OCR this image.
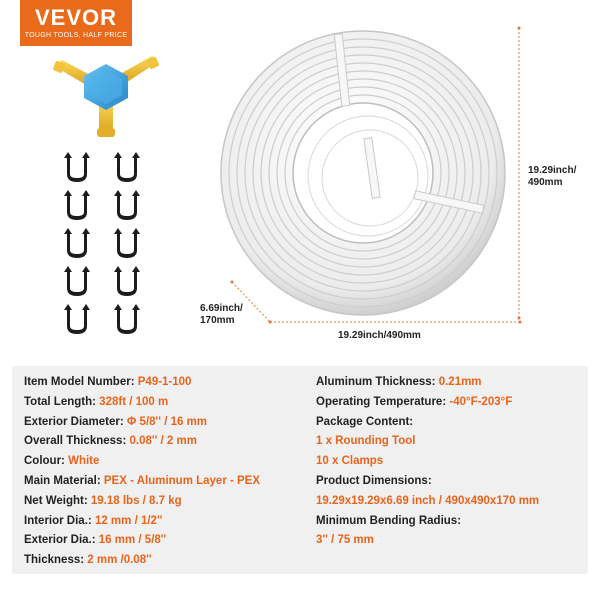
VEVOR
TOUGH TOOLS, HALF PRICE
19.29inch/
490mm
6.69inch/
170mm
19.29inch/490mm
Item Model Number: P49-1-100
Total Length: 328ft / 100 m
Exterior Diameter: Φ 5/8'' / 16 mm
Overall Thickness: 0.08'' / 2 mm
Colour: White
Main Material: PEX - Aluminum Layer - PEX
Net Weight: 19.18 lbs / 8.7 kg
Interior Dia.: 12 mm / 1/2''
Exterior Dia.: 16 mm / 5/8''
Thickness: 2 mm /0.08''
Aluminum Thickness: 0.21mm
Operating Temperature: -40°F-203°F
Package Content:
1 x Rounding Tool
10 x Clamps
Product Dimensions:
19.29x19.29x6.69 inch / 490x490x170 mm
Minimum Bending Radius:
3'' / 75 mm
